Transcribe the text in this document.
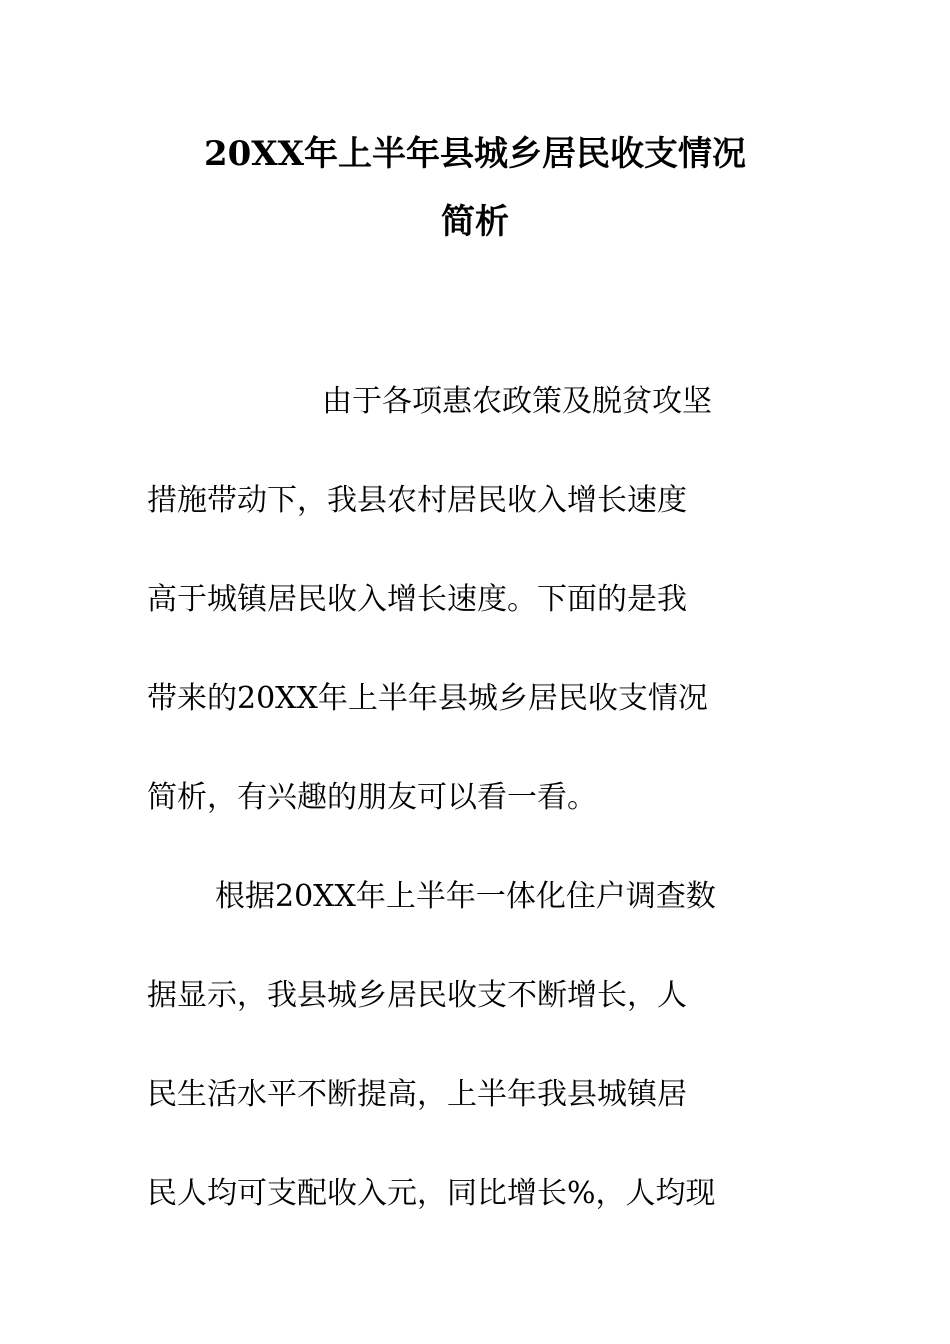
20XX年上半年县城乡居民收支情况
简析

由于各项惠农政策及脱贫攻坚

措施带动下，我县农村居民收入增长速度

高于城镇居民收入增长速度。下面的是我

带来的20XX年上半年县城乡居民收支情况

简析，有兴趣的朋友可以看一看。

根据20XX年上半年一体化住户调查数

据显示，我县城乡居民收支不断增长，人

民生活水平不断提高，上半年我县城镇居

民人均可支配收入元，同比增长%，人均现
